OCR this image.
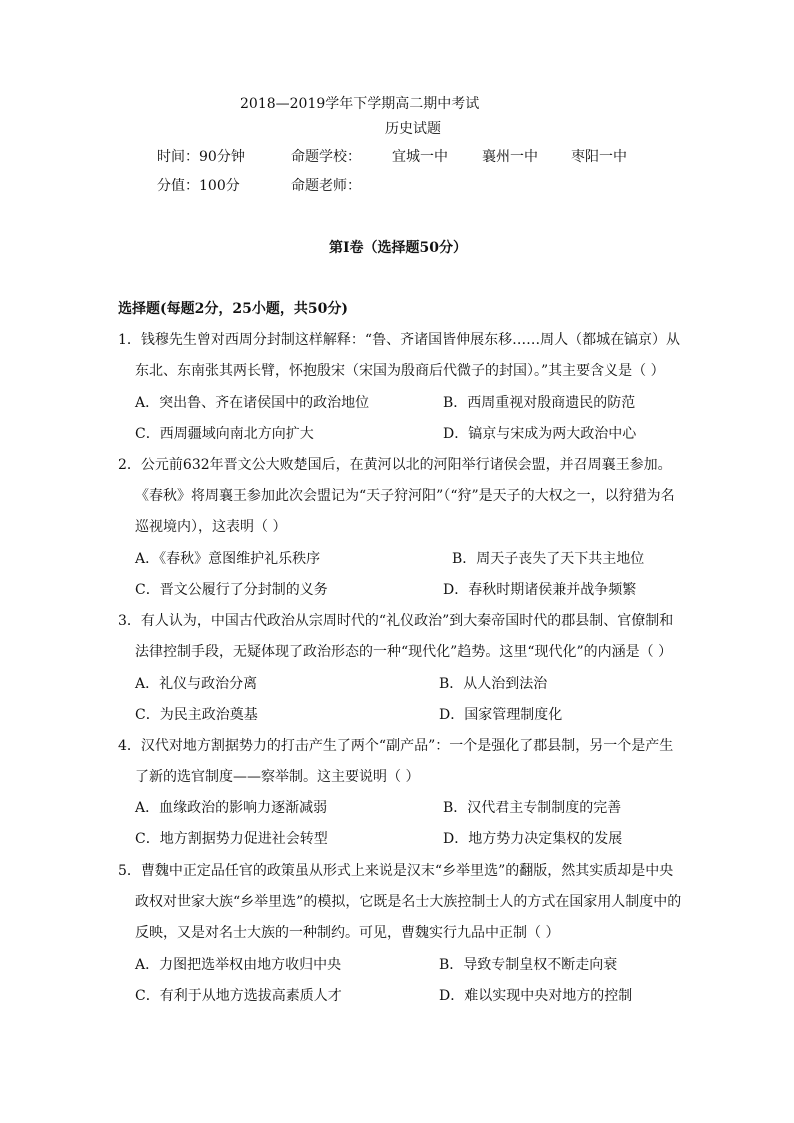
2018—2019学年下学期高二期中考试
历史试题
时间：90分钟	命题学校： 宜城一中 襄州一中 枣阳一中
分值：100分	命题老师：
第I卷（选择题50分）
选择题(每题2分，25小题，共50分)
1．钱穆先生曾对西周分封制这样解释：“鲁、齐诸国皆伸展东移……周人（都城在镐京）从
东北、东南张其两长臂，怀抱殷宋（宋国为殷商后代微子的封国）。”其主要含义是（ ）
A．突出鲁、齐在诸侯国中的政治地位	B．西周重视对殷商遗民的防范
C．西周疆域向南北方向扩大	D．镐京与宋成为两大政治中心
2．公元前632年晋文公大败楚国后，在黄河以北的河阳举行诸侯会盟，并召周襄王参加。
《春秋》将周襄王参加此次会盟记为“天子狩河阳”（“狩”是天子的大权之一，以狩猎为名
巡视境内），这表明（ ）
A．《春秋》意图维护礼乐秩序	B．周天子丧失了天下共主地位
C．晋文公履行了分封制的义务	D．春秋时期诸侯兼并战争频繁
3．有人认为，中国古代政治从宗周时代的“礼仪政治”到大秦帝国时代的郡县制、官僚制和
法律控制手段，无疑体现了政治形态的一种“现代化”趋势。这里“现代化”的内涵是（ ）
A．礼仪与政治分离	B．从人治到法治
C．为民主政治奠基	D．国家管理制度化
4．汉代对地方割据势力的打击产生了两个“副产品”：一个是强化了郡县制，另一个是产生
了新的选官制度——察举制。这主要说明（ ）
A．血缘政治的影响力逐渐减弱	B．汉代君主专制制度的完善
C．地方割据势力促进社会转型	D．地方势力决定集权的发展
5．曹魏中正定品任官的政策虽从形式上来说是汉末“乡举里选”的翻版，然其实质却是中央
政权对世家大族“乡举里选”的模拟，它既是名士大族控制士人的方式在国家用人制度中的
反映，又是对名士大族的一种制约。可见，曹魏实行九品中正制（ ）
A．力图把选举权由地方收归中央	B．导致专制皇权不断走向衰
C．有利于从地方选拔高素质人才	D．难以实现中央对地方的控制
